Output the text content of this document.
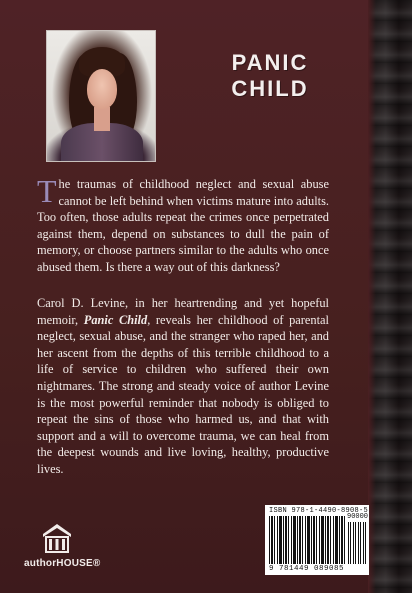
PANIC CHILD
The traumas of childhood neglect and sexual abuse cannot be left behind when victims mature into adults. Too often, those adults repeat the crimes once perpetrated against them, depend on substances to dull the pain of memory, or choose partners similar to the adults who once abused them. Is there a way out of this darkness?
Carol D. Levine, in her heartrending and yet hopeful memoir, Panic Child, reveals her childhood of parental neglect, sexual abuse, and the stranger who raped her, and her ascent from the depths of this terrible childhood to a life of service to children who suffered their own nightmares. The strong and steady voice of author Levine is the most powerful reminder that nobody is obliged to repeat the sins of those who harmed us, and that with support and a will to overcome trauma, we can heal from the deepest wounds and live loving, healthy, productive lives.
authorHOUSE®
ISBN 978-1-4490-8908-5
90000
9 781449 089085
